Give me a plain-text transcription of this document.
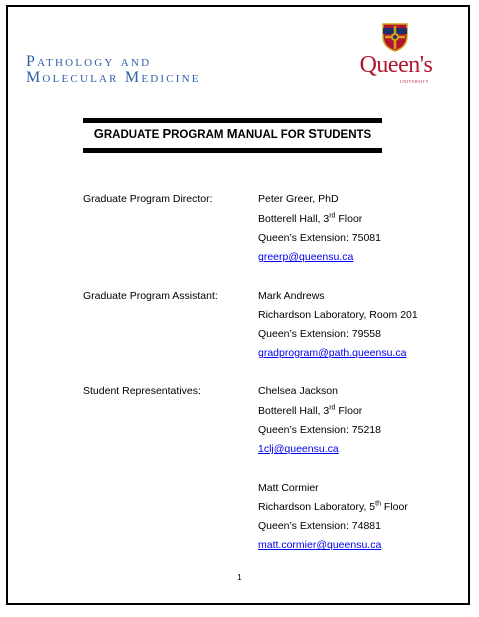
Pathology and
Molecular Medicine	Queen's
UNIVERSITY
GRADUATE PROGRAM MANUAL FOR STUDENTS
Graduate Program Director:	Peter Greer, PhD
Botterell Hall, 3rd Floor
Queen’s Extension: 75081
greerp@queensu.ca
Graduate Program Assistant:	Mark Andrews
Richardson Laboratory, Room 201
Queen’s Extension: 79558
gradprogram@path.queensu.ca
Student Representatives:	Chelsea Jackson
Botterell Hall, 3rd Floor
Queen’s Extension: 75218
1clj@queensu.ca
Matt Cormier
Richardson Laboratory, 5th Floor
Queen’s Extension: 74881
matt.cormier@queensu.ca
1
